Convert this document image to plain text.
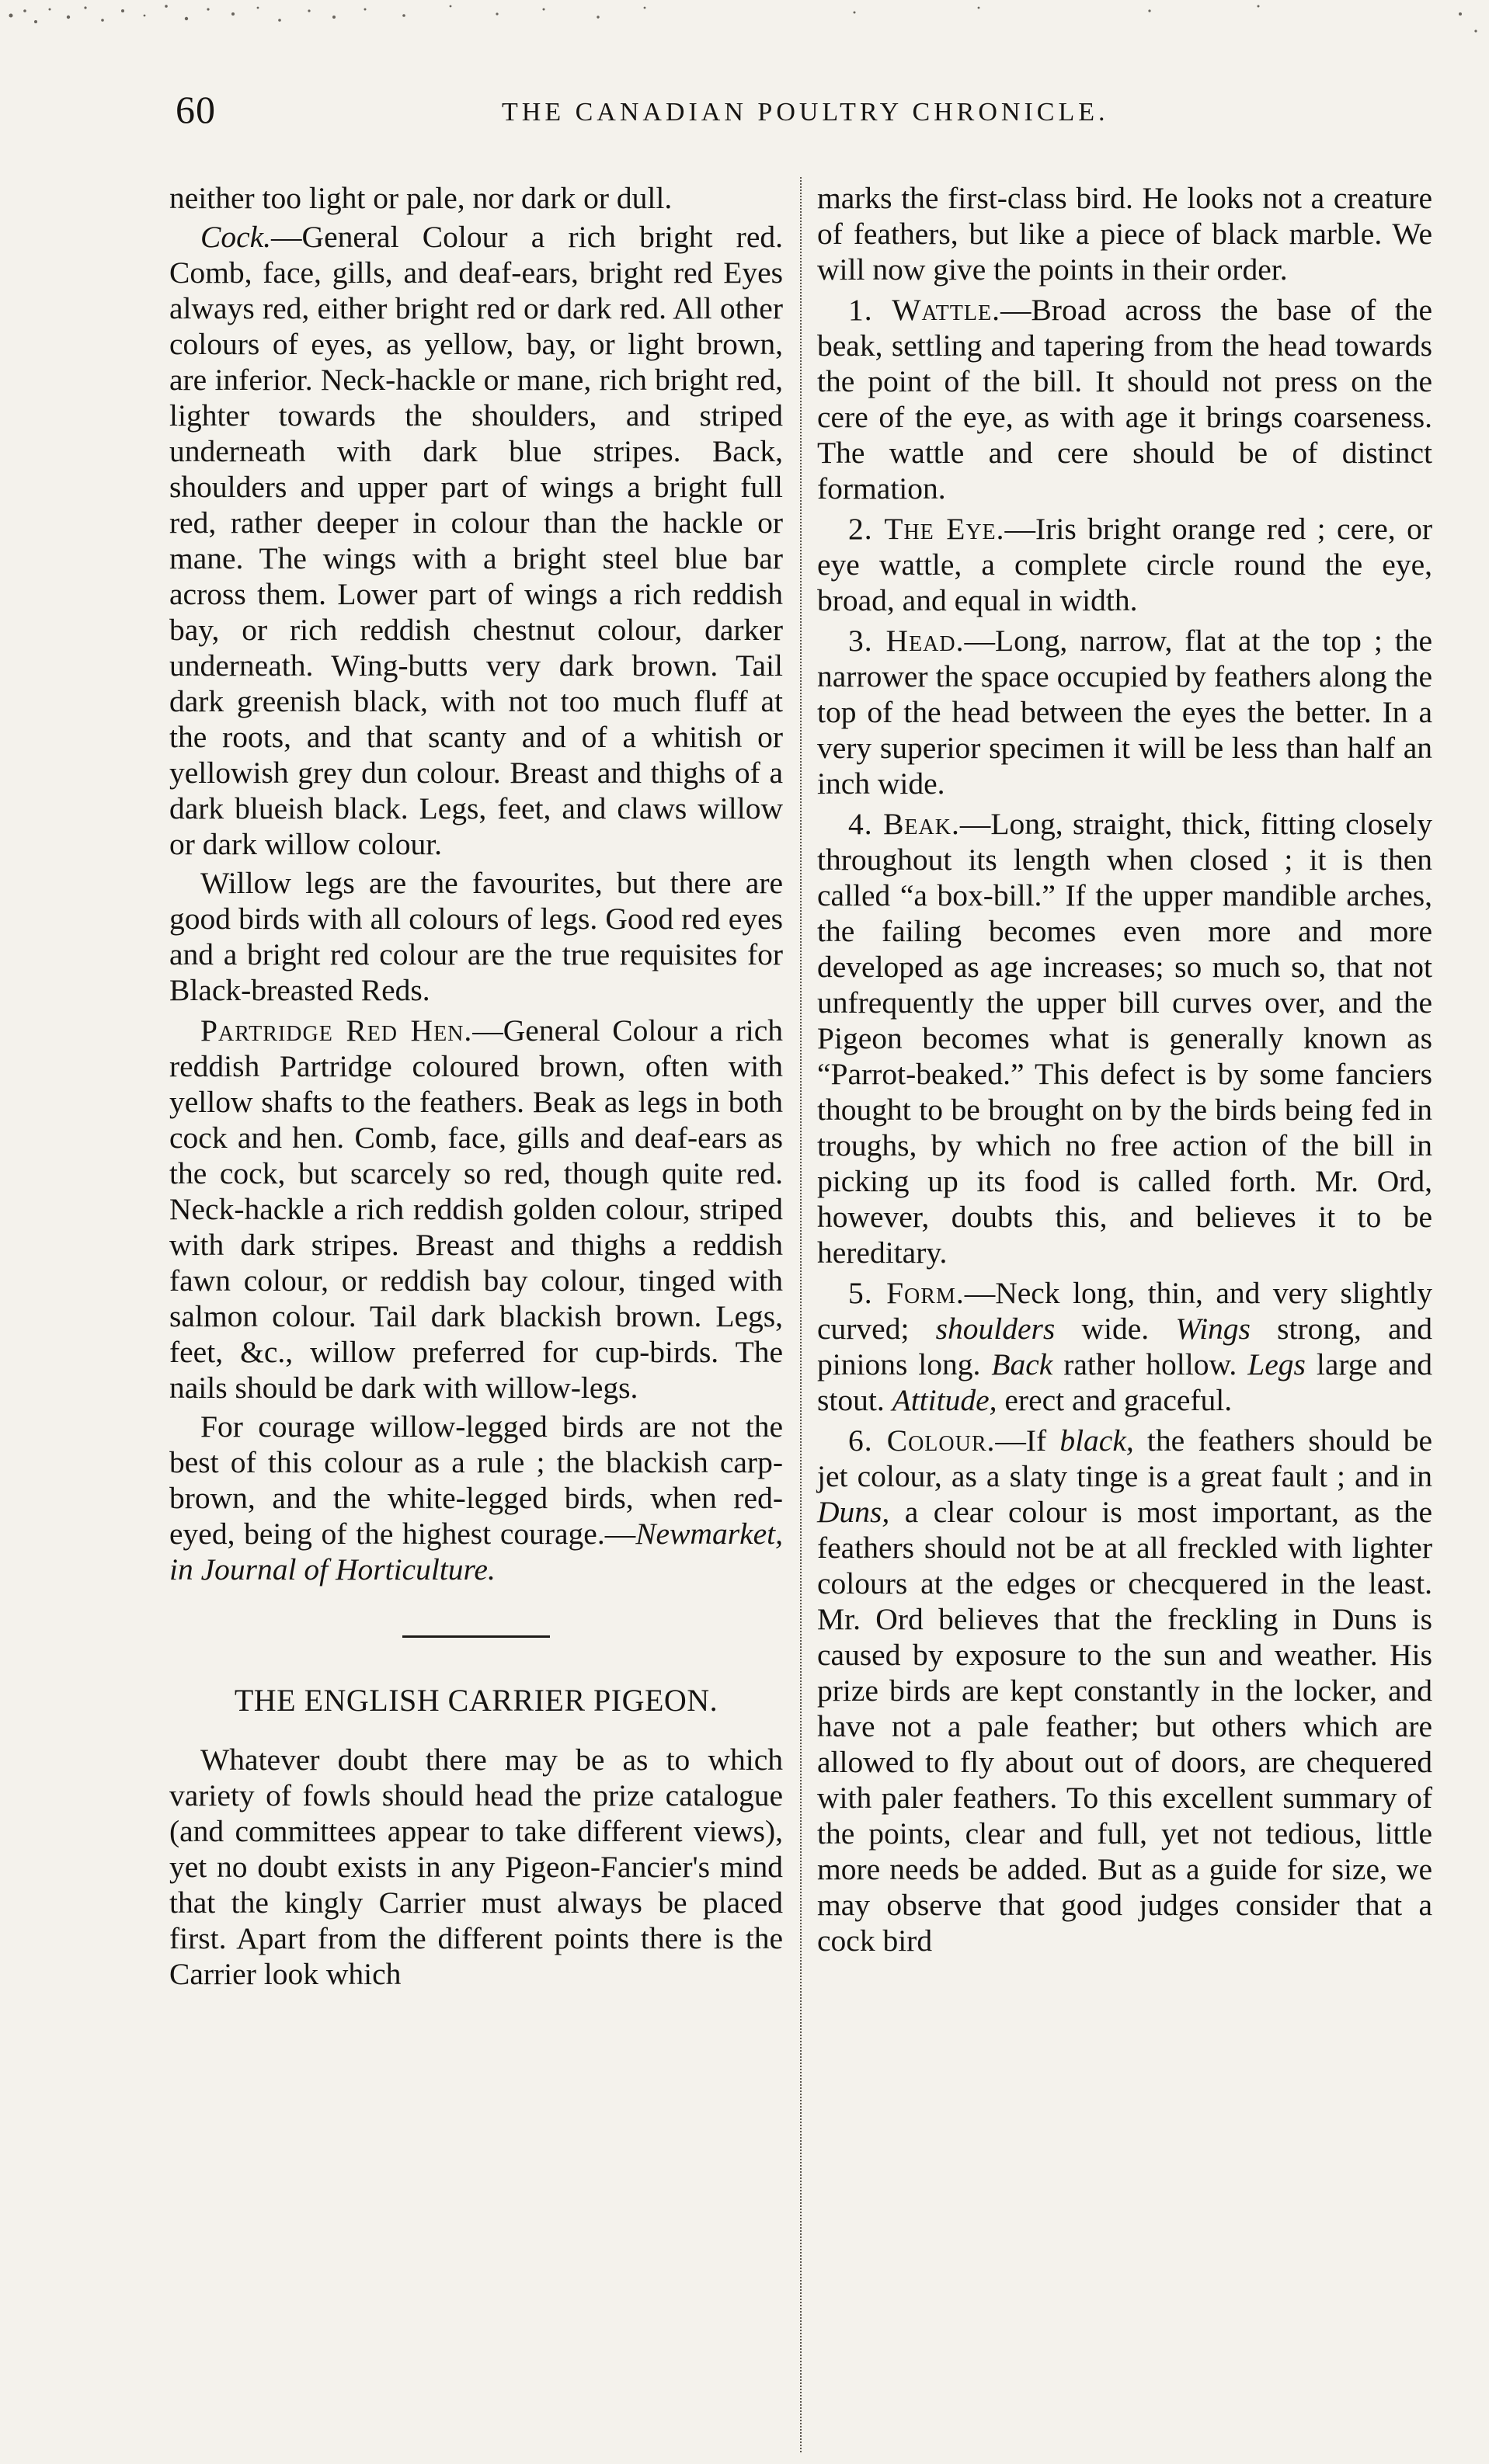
60	THE CANADIAN POULTRY CHRONICLE.

neither too light or pale, nor dark or dull.

Cock.—General Colour a rich bright red. Comb, face, gills, and deaf-ears, bright red Eyes always red, either bright red or dark red. All other colours of eyes, as yellow, bay, or light brown, are inferior. Neck-hackle or mane, rich bright red, lighter towards the shoulders, and striped underneath with dark blue stripes. Back, shoulders and upper part of wings a bright full red, rather deeper in colour than the hackle or mane. The wings with a bright steel blue bar across them. Lower part of wings a rich reddish bay, or rich reddish chestnut colour, darker underneath. Wing-butts very dark brown. Tail dark greenish black, with not too much fluff at the roots, and that scanty and of a whitish or yellowish grey dun colour. Breast and thighs of a dark blueish black. Legs, feet, and claws willow or dark willow colour.

Willow legs are the favourites, but there are good birds with all colours of legs. Good red eyes and a bright red colour are the true requisites for Black-breasted Reds.

Partridge Red Hen.—General Colour a rich reddish Partridge coloured brown, often with yellow shafts to the feathers. Beak as legs in both cock and hen. Comb, face, gills and deaf-ears as the cock, but scarcely so red, though quite red. Neck-hackle a rich reddish golden colour, striped with dark stripes. Breast and thighs a reddish fawn colour, or reddish bay colour, tinged with salmon colour. Tail dark blackish brown. Legs, feet, &c., willow preferred for cup-birds. The nails should be dark with willow-legs.

For courage willow-legged birds are not the best of this colour as a rule ; the blackish carp-brown, and the white-legged birds, when red-eyed, being of the highest courage.—Newmarket, in Journal of Horticulture.

THE ENGLISH CARRIER PIGEON.

Whatever doubt there may be as to which variety of fowls should head the prize catalogue (and committees appear to take different views), yet no doubt exists in any Pigeon-Fancier's mind that the kingly Carrier must always be placed first. Apart from the different points there is the Carrier look which

marks the first-class bird. He looks not a creature of feathers, but like a piece of black marble. We will now give the points in their order.

1. Wattle.—Broad across the base of the beak, settling and tapering from the head towards the point of the bill. It should not press on the cere of the eye, as with age it brings coarseness. The wattle and cere should be of distinct formation.

2. The Eye.—Iris bright orange red ; cere, or eye wattle, a complete circle round the eye, broad, and equal in width.

3. Head.—Long, narrow, flat at the top ; the narrower the space occupied by feathers along the top of the head between the eyes the better. In a very superior specimen it will be less than half an inch wide.

4. Beak.—Long, straight, thick, fitting closely throughout its length when closed ; it is then called “a box-bill.” If the upper mandible arches, the failing becomes even more and more developed as age increases; so much so, that not unfrequently the upper bill curves over, and the Pigeon becomes what is generally known as “Parrot-beaked.” This defect is by some fanciers thought to be brought on by the birds being fed in troughs, by which no free action of the bill in picking up its food is called forth. Mr. Ord, however, doubts this, and believes it to be hereditary.

5. Form.—Neck long, thin, and very slightly curved; shoulders wide. Wings strong, and pinions long. Back rather hollow. Legs large and stout. Attitude, erect and graceful.

6. Colour.—If black, the feathers should be jet colour, as a slaty tinge is a great fault ; and in Duns, a clear colour is most important, as the feathers should not be at all freckled with lighter colours at the edges or checquered in the least. Mr. Ord believes that the freckling in Duns is caused by exposure to the sun and weather. His prize birds are kept constantly in the locker, and have not a pale feather; but others which are allowed to fly about out of doors, are chequered with paler feathers. To this excellent summary of the points, clear and full, yet not tedious, little more needs be added. But as a guide for size, we may observe that good judges consider that a cock bird
